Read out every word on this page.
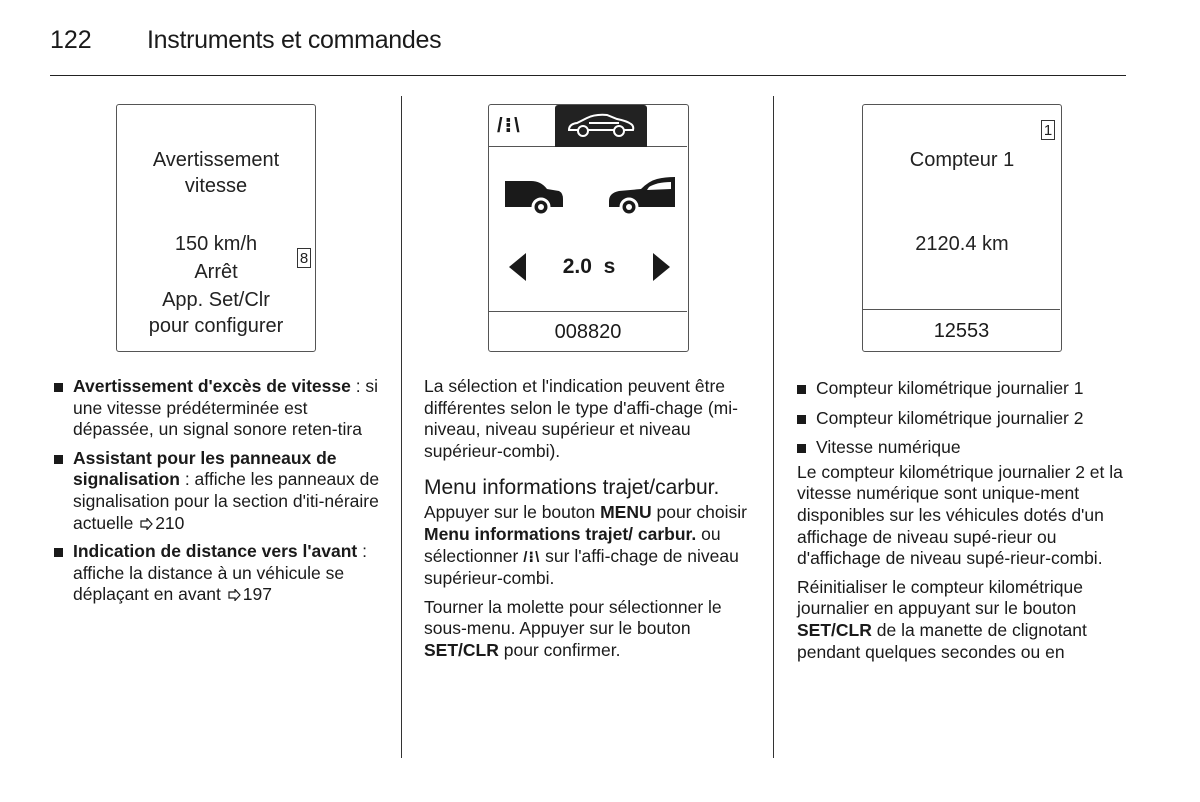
122 Instruments et commandes
Avertissement
vitesse
150 km/h
Arrêt
App. Set/Clr
pour configurer
8
/⁝\
2.0  s
008820
Compteur 1
2120.4 km
12553
1
Avertissement d'excès de vitesse : si une vitesse prédéterminée est dépassée, un signal sonore reten-tira
Assistant pour les panneaux de signalisation : affiche les panneaux de signalisation pour la section d'iti-néraire actuelle 210
Indication de distance vers l'avant : affiche la distance à un véhicule se déplaçant en avant 197
La sélection et l'indication peuvent être différentes selon le type d'affi-chage (mi-niveau, niveau supérieur et niveau supérieur-combi).
Menu informations trajet/carbur.
Appuyer sur le bouton MENU pour choisir Menu informations trajet/ carbur. ou sélectionner /⁝\ sur l'affi-chage de niveau supérieur-combi.
Tourner la molette pour sélectionner le sous-menu. Appuyer sur le bouton SET/CLR pour confirmer.
Compteur kilométrique journalier 1
Compteur kilométrique journalier 2
Vitesse numérique
Le compteur kilométrique journalier 2 et la vitesse numérique sont unique-ment disponibles sur les véhicules dotés d'un affichage de niveau supé-rieur ou d'affichage de niveau supé-rieur-combi.
Réinitialiser le compteur kilométrique journalier en appuyant sur le bouton SET/CLR de la manette de clignotant pendant quelques secondes ou en
